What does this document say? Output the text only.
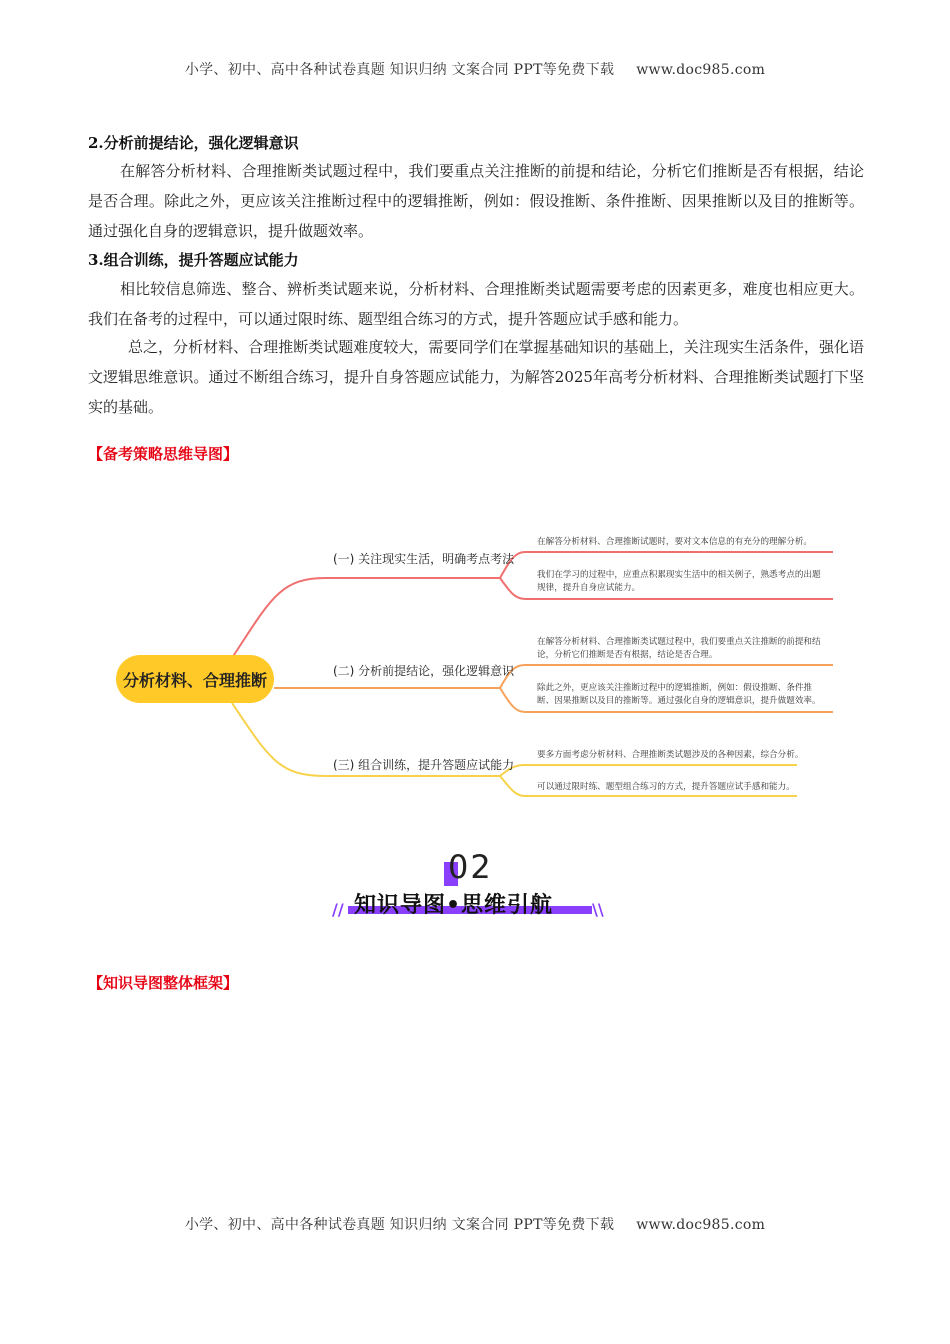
小学、初中、高中各种试卷真题 知识归纳 文案合同 PPT等免费下载 www.doc985.com
2.分析前提结论，强化逻辑意识
在解答分析材料、合理推断类试题过程中，我们要重点关注推断的前提和结论，分析它们推断是否有根据，结论是否合理。除此之外，更应该关注推断过程中的逻辑推断，例如：假设推断、条件推断、因果推断以及目的推断等。通过强化自身的逻辑意识，提升做题效率。
3.组合训练，提升答题应试能力
相比较信息筛选、整合、辨析类试题来说，分析材料、合理推断类试题需要考虑的因素更多，难度也相应更大。我们在备考的过程中，可以通过限时练、题型组合练习的方式，提升答题应试手感和能力。
总之，分析材料、合理推断类试题难度较大，需要同学们在掌握基础知识的基础上，关注现实生活条件，强化语文逻辑思维意识。通过不断组合练习，提升自身答题应试能力，为解答2025年高考分析材料、合理推断类试题打下坚实的基础。
【备考策略思维导图】
分析材料、合理推断
(一) 关注现实生活，明确考点考法
在解答分析材料、合理推断试题时，要对文本信息的有充分的理解分析。
我们在学习的过程中，应重点积累现实生活中的相关例子，熟悉考点的出题规律，提升自身应试能力。
(二) 分析前提结论，强化逻辑意识
在解答分析材料、合理推断类试题过程中，我们要重点关注推断的前提和结论，分析它们推断是否有根据，结论是否合理。
除此之外，更应该关注推断过程中的逻辑推断，例如：假设推断、条件推断、因果推断以及目的推断等。通过强化自身的逻辑意识，提升做题效率。
(三) 组合训练，提升答题应试能力
要多方面考虑分析材料、合理推断类试题涉及的各种因素，综合分析。
可以通过限时练、题型组合练习的方式，提升答题应试手感和能力。
02
// 知识导图•思维引航 \\
【知识导图整体框架】
小学、初中、高中各种试卷真题 知识归纳 文案合同 PPT等免费下载 www.doc985.com
